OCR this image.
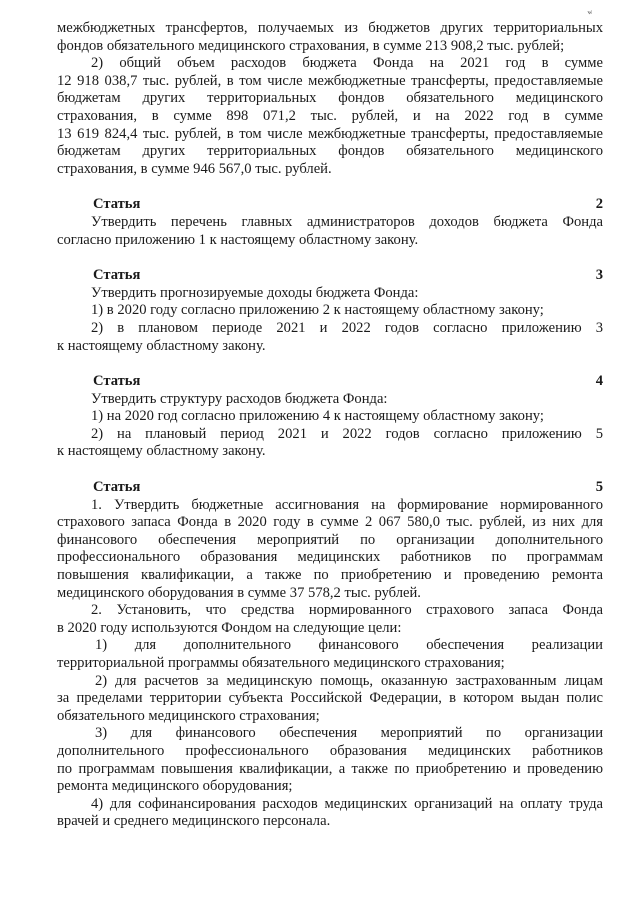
ʷ

межбюджетных трансфертов, получаемых из бюджетов других территориальных

фондов обязательного медицинского страхования, в сумме 213 908,2 тыс. рублей;

2) общий объем расходов бюджета Фонда на 2021 год в сумме

12 918 038,7 тыс. рублей, в том числе межбюджетные трансферты, предоставляемые

бюджетам других территориальных фондов обязательного медицинского

страхования, в сумме 898 071,2 тыс. рублей, и на 2022 год в сумме

13 619 824,4 тыс. рублей, в том числе межбюджетные трансферты, предоставляемые

бюджетам других территориальных фондов обязательного медицинского

страхования, в сумме 946 567,0 тыс. рублей.

Статья 2

Утвердить перечень главных администраторов доходов бюджета Фонда

согласно приложению 1 к настоящему областному закону.

Статья 3

Утвердить прогнозируемые доходы бюджета Фонда:

1) в 2020 году согласно приложению 2 к настоящему областному закону;

2) в плановом периоде 2021 и 2022 годов согласно приложению 3

к настоящему областному закону.

Статья 4

Утвердить структуру расходов бюджета Фонда:

1) на 2020 год согласно приложению 4 к настоящему областному закону;

2) на плановый период 2021 и 2022 годов согласно приложению 5

к настоящему областному закону.

Статья 5

1. Утвердить бюджетные ассигнования на формирование нормированного

страхового запаса Фонда в 2020 году в сумме 2 067 580,0 тыс. рублей, из них для

финансового обеспечения мероприятий по организации дополнительного

профессионального образования медицинских работников по программам

повышения квалификации, а также по приобретению и проведению ремонта

медицинского оборудования в сумме 37 578,2 тыс. рублей.

2. Установить, что средства нормированного страхового запаса Фонда

в 2020 году используются Фондом на следующие цели:

1) для дополнительного финансового обеспечения реализации

территориальной программы обязательного медицинского страхования;

2) для расчетов за медицинскую помощь, оказанную застрахованным лицам

за пределами территории субъекта Российской Федерации, в котором выдан полис

обязательного медицинского страхования;

3) для финансового обеспечения мероприятий по организации

дополнительного профессионального образования медицинских работников

по программам повышения квалификации, а также по приобретению и проведению

ремонта медицинского оборудования;

4) для софинансирования расходов медицинских организаций на оплату труда

врачей и среднего медицинского персонала.
